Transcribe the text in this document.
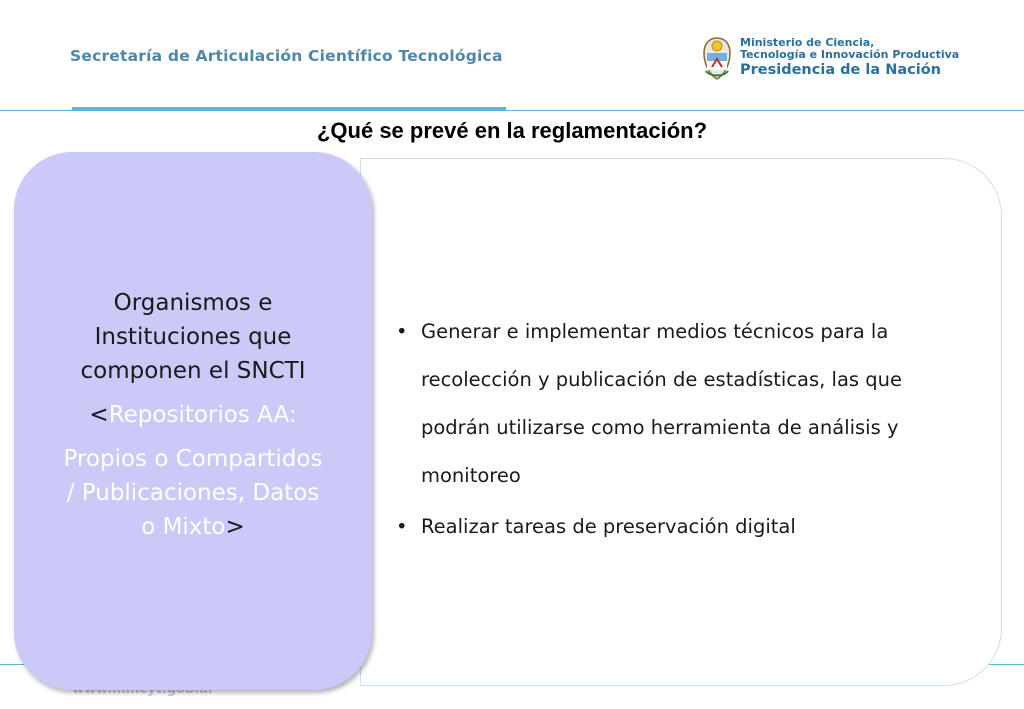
Secretaría de Articulación Científico Tecnológica
Ministerio de Ciencia,
Tecnología e Innovación Productiva
Presidencia de la Nación
¿Qué se prevé en la reglamentación?
• Generar e implementar medios técnicos para la
recolección y publicación de estadísticas, las que
podrán utilizarse como herramienta de análisis y
monitoreo
• Realizar tareas de preservación digital

Organismos e

Instituciones que

componen el SNCTI

<Repositorios AA:

Propios o Compartidos

/ Publicaciones, Datos

o Mixto>
